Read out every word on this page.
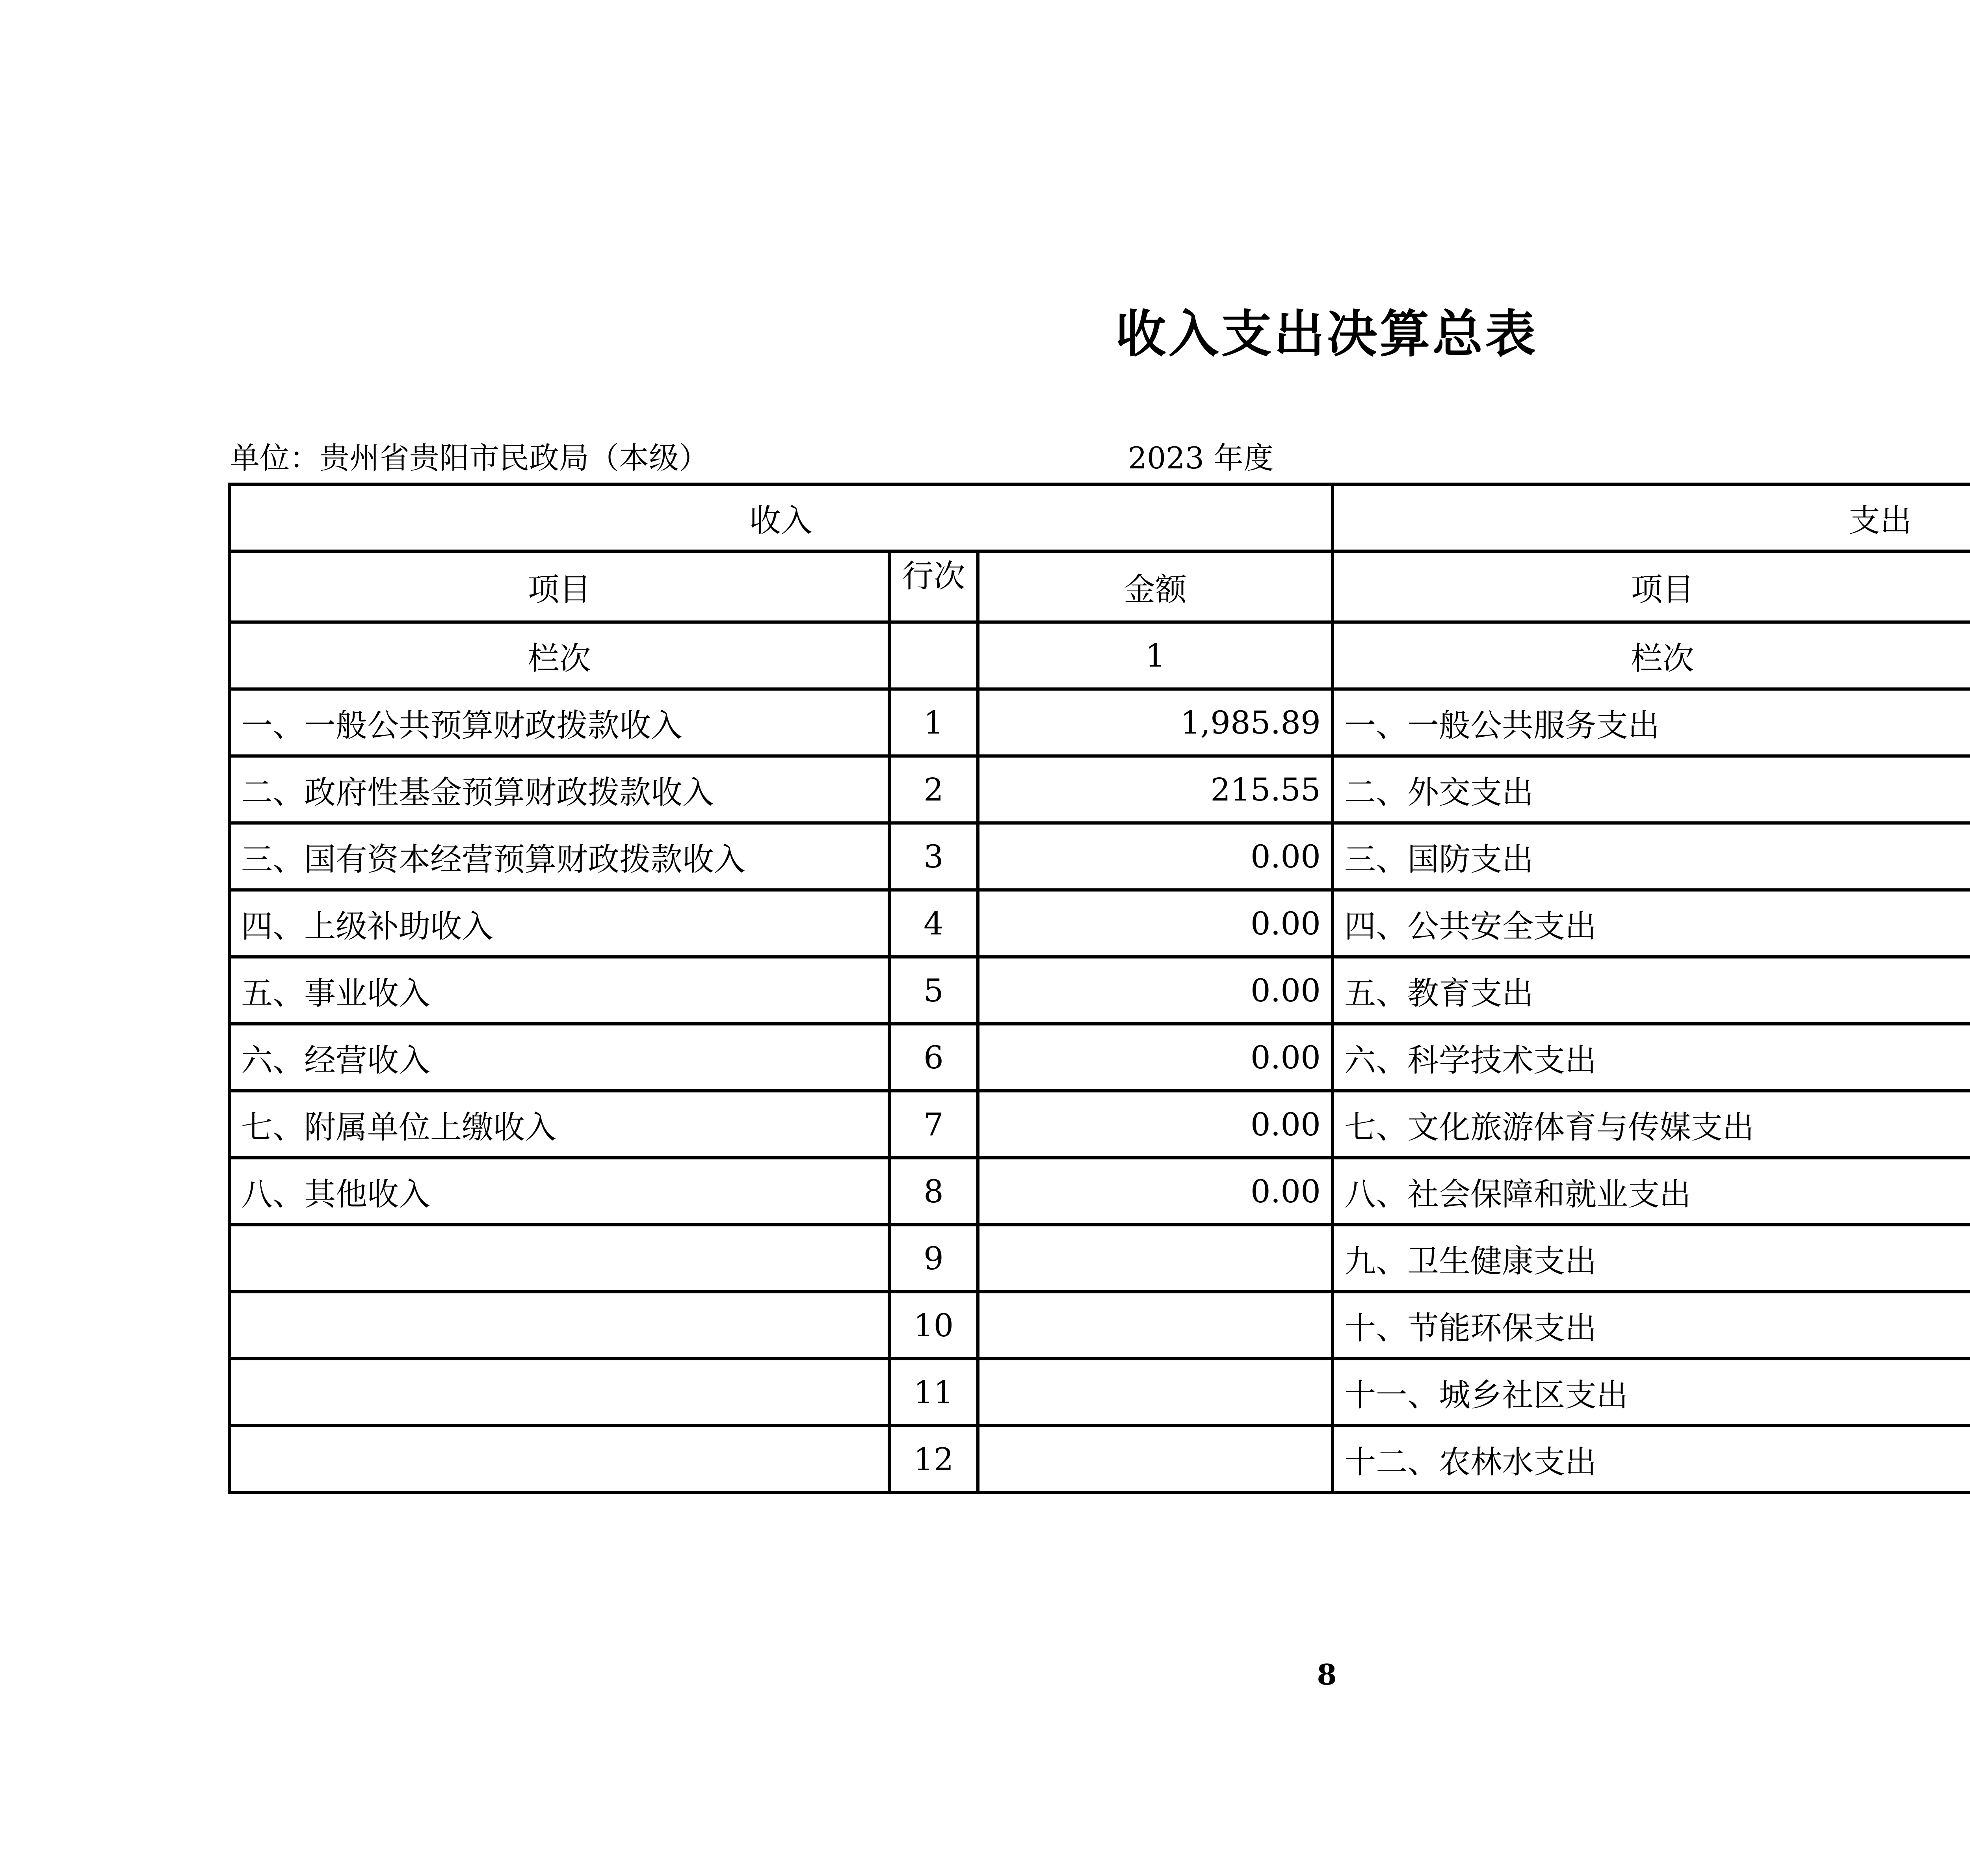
收入支出决算总表
单位：贵州省贵阳市民政局（本级）	2023 年度
收入			支出		
项目	行次	金额	项目		
栏次		1	栏次		
一、一般公共预算财政拨款收入	1	1,985.89	一、一般公共服务支出		
二、政府性基金预算财政拨款收入	2	215.55	二、外交支出		
三、国有资本经营预算财政拨款收入	3	0.00	三、国防支出		
四、上级补助收入	4	0.00	四、公共安全支出		
五、事业收入	5	0.00	五、教育支出		
六、经营收入	6	0.00	六、科学技术支出		
七、附属单位上缴收入	7	0.00	七、文化旅游体育与传媒支出		
八、其他收入	8	0.00	八、社会保障和就业支出		
	9		九、卫生健康支出		
	10		十、节能环保支出		
	11		十一、城乡社区支出		
	12		十二、农林水支出		
8
